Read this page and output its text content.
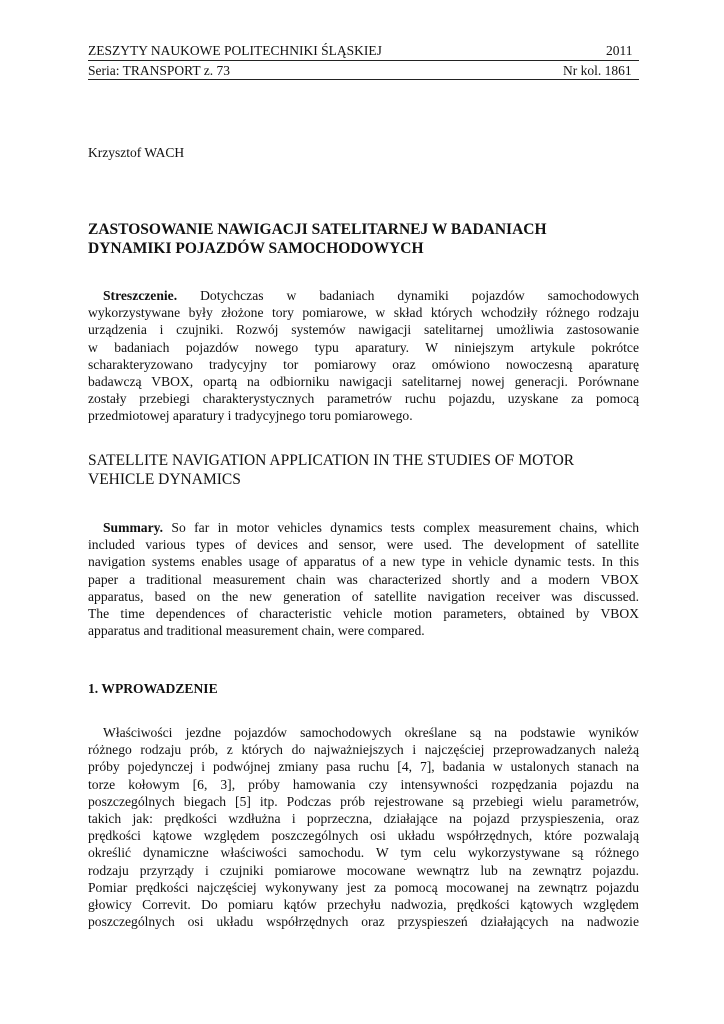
ZESZYTY NAUKOWE POLITECHNIKI ŚLĄSKIEJ	2011
Seria: TRANSPORT z. 73	Nr kol. 1861
Krzysztof WACH
ZASTOSOWANIE NAWIGACJI SATELITARNEJ W BADANIACH
DYNAMIKI POJAZDÓW SAMOCHODOWYCH
Streszczenie. Dotychczas w badaniach dynamiki pojazdów samochodowych
wykorzystywane były złożone tory pomiarowe, w skład których wchodziły różnego rodzaju
urządzenia i czujniki. Rozwój systemów nawigacji satelitarnej umożliwia zastosowanie
w badaniach pojazdów nowego typu aparatury. W niniejszym artykule pokrótce
scharakteryzowano tradycyjny tor pomiarowy oraz omówiono nowoczesną aparaturę
badawczą VBOX, opartą na odbiorniku nawigacji satelitarnej nowej generacji. Porównane
zostały przebiegi charakterystycznych parametrów ruchu pojazdu, uzyskane za pomocą
przedmiotowej aparatury i tradycyjnego toru pomiarowego.
SATELLITE NAVIGATION APPLICATION IN THE STUDIES OF MOTOR
VEHICLE DYNAMICS
Summary. So far in motor vehicles dynamics tests complex measurement chains, which
included various types of devices and sensor, were used. The development of satellite
navigation systems enables usage of apparatus of a new type in vehicle dynamic tests. In this
paper a traditional measurement chain was characterized shortly and a modern VBOX
apparatus, based on the new generation of satellite navigation receiver was discussed.
The time dependences of characteristic vehicle motion parameters, obtained by VBOX
apparatus and traditional measurement chain, were compared.
1. WPROWADZENIE
Właściwości jezdne pojazdów samochodowych określane są na podstawie wyników
różnego rodzaju prób, z których do najważniejszych i najczęściej przeprowadzanych należą
próby pojedynczej i podwójnej zmiany pasa ruchu [4, 7], badania w ustalonych stanach na
torze kołowym [6, 3], próby hamowania czy intensywności rozpędzania pojazdu na
poszczególnych biegach [5] itp. Podczas prób rejestrowane są przebiegi wielu parametrów,
takich jak: prędkości wzdłużna i poprzeczna, działające na pojazd przyspieszenia, oraz
prędkości kątowe względem poszczególnych osi układu współrzędnych, które pozwalają
określić dynamiczne właściwości samochodu. W tym celu wykorzystywane są różnego
rodzaju przyrządy i czujniki pomiarowe mocowane wewnątrz lub na zewnątrz pojazdu.
Pomiar prędkości najczęściej wykonywany jest za pomocą mocowanej na zewnątrz pojazdu
głowicy Correvit. Do pomiaru kątów przechyłu nadwozia, prędkości kątowych względem
poszczególnych osi układu współrzędnych oraz przyspieszeń działających na nadwozie
